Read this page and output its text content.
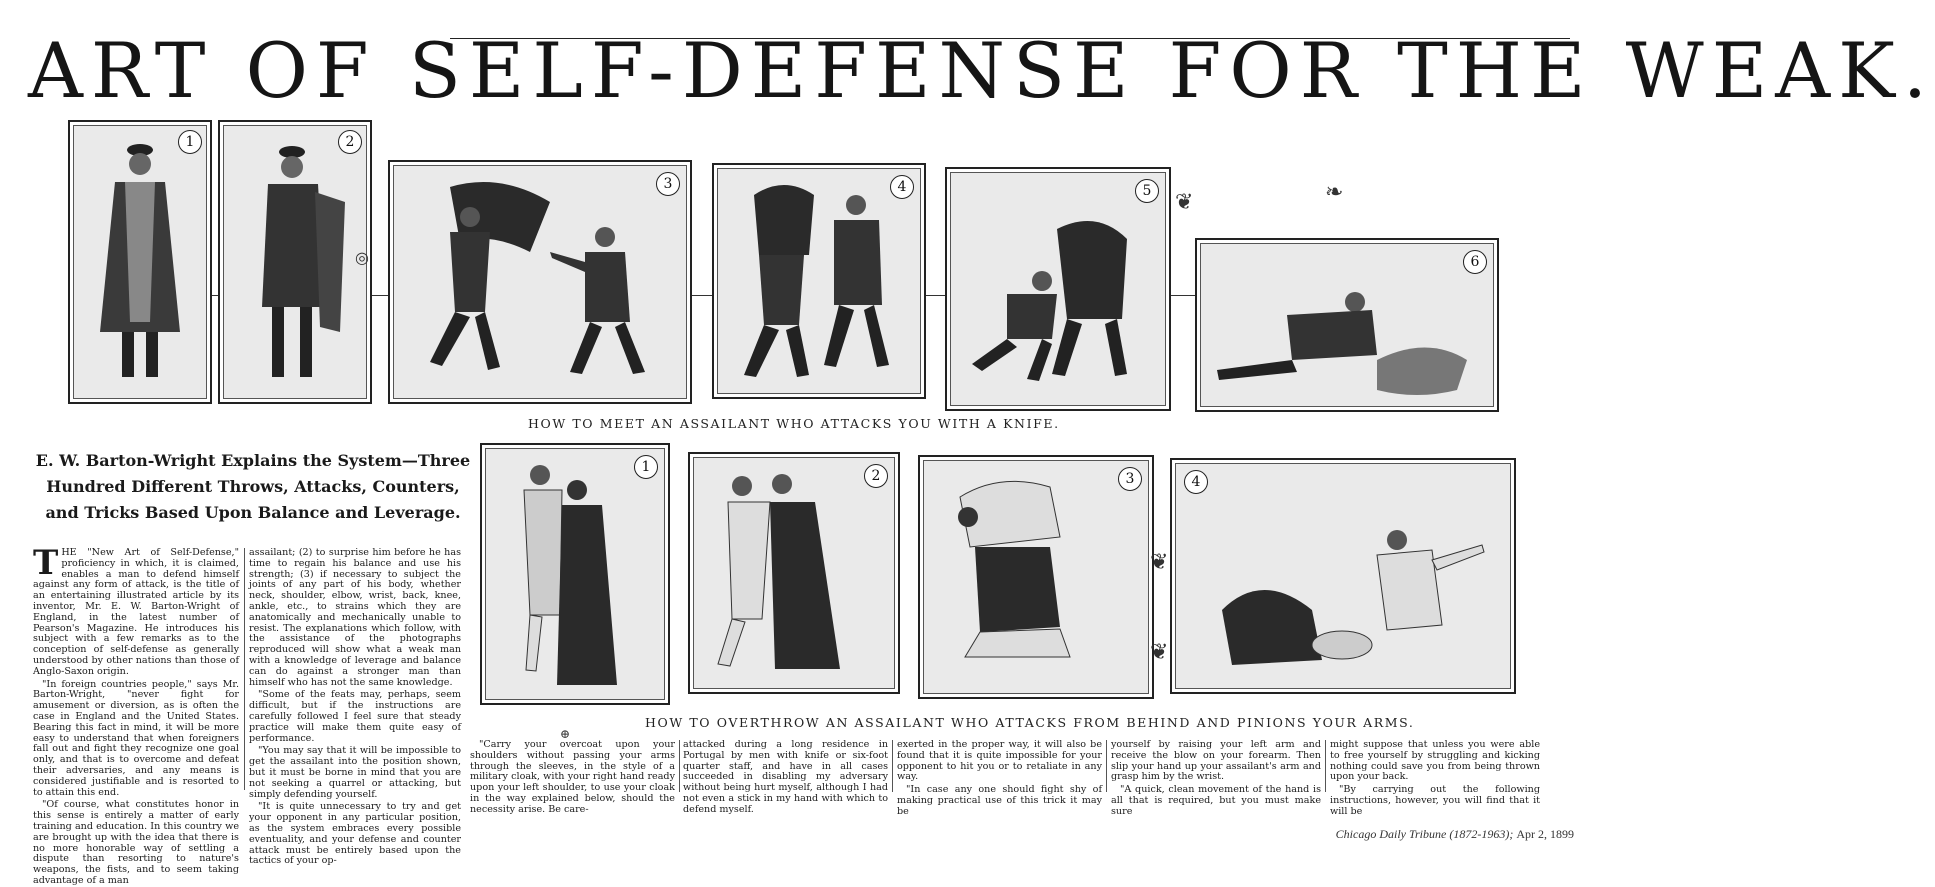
ART OF SELF-DEFENSE FOR THE WEAK.
1	2
3	4	5
6
❦	❧
◎
HOW TO MEET AN ASSAILANT WHO ATTACKS YOU WITH A KNIFE.
E. W. Barton-Wright Explains the System—Three Hundred Different Throws, Attacks, Counters, and Tricks Based Upon Balance and Leverage.
1
2	3	4
❦
❦
HOW TO OVERTHROW AN ASSAILANT WHO ATTACKS FROM BEHIND AND PINIONS YOUR ARMS.

THE "New Art of Self-Defense," proficiency in which, it is claimed, enables a man to defend himself against any form of attack, is the title of an entertaining illustrated article by its inventor, Mr. E. W. Barton-Wright of England, in the latest number of Pearson's Magazine. He introduces his subject with a few remarks as to the conception of self-defense as generally understood by other nations than those of Anglo-Saxon origin.

"In foreign countries people," says Mr. Barton-Wright, "never fight for amusement or diversion, as is often the case in England and the United States. Bearing this fact in mind, it will be more easy to understand that when foreigners fall out and fight they recognize one goal only, and that is to overcome and defeat their adversaries, and any means is considered justifiable and is resorted to to attain this end.

"Of course, what constitutes honor in this sense is entirely a matter of early training and education. In this country we are brought up with the idea that there is no more honorable way of settling a dispute than resorting to nature's weapons, the fists, and to seem taking advantage of a man

assailant; (2) to surprise him before he has time to regain his balance and use his strength; (3) if necessary to subject the joints of any part of his body, whether neck, shoulder, elbow, wrist, back, knee, ankle, etc., to strains which they are anatomically and mechanically unable to resist. The explanations which follow, with the assistance of the photographs reproduced will show what a weak man with a knowledge of leverage and balance can do against a stronger man than himself who has not the same knowledge.

"Some of the feats may, perhaps, seem difficult, but if the instructions are carefully followed I feel sure that steady practice will make them quite easy of performance.

"You may say that it will be impossible to get the assailant into the position shown, but it must be borne in mind that you are not seeking a quarrel or attacking, but simply defending yourself.

"It is quite unnecessary to try and get your opponent in any particular position, as the system embraces every possible eventuality, and your defense and counter attack must be entirely based upon the tactics of your op-

⊕

"Carry your overcoat upon your shoulders without passing your arms through the sleeves, in the style of a military cloak, with your right hand ready upon your left shoulder, to use your cloak in the way explained below, should the necessity arise. Be care-

attacked during a long residence in Portugal by men with knife or six-foot quarter staff, and have in all cases succeeded in disabling my adversary without being hurt myself, although I had not even a stick in my hand with which to defend myself.

exerted in the proper way, it will also be found that it is quite impossible for your opponent to hit you or to retaliate in any way.

"In case any one should fight shy of making practical use of this trick it may be

yourself by raising your left arm and receive the blow on your forearm. Then slip your hand up your assailant's arm and grasp him by the wrist.

"A quick, clean movement of the hand is all that is required, but you must make sure

might suppose that unless you were able to free yourself by struggling and kicking nothing could save you from being thrown upon your back.

"By carrying out the following instructions, however, you will find that it will be

Chicago Daily Tribune (1872-1963); Apr 2, 1899
